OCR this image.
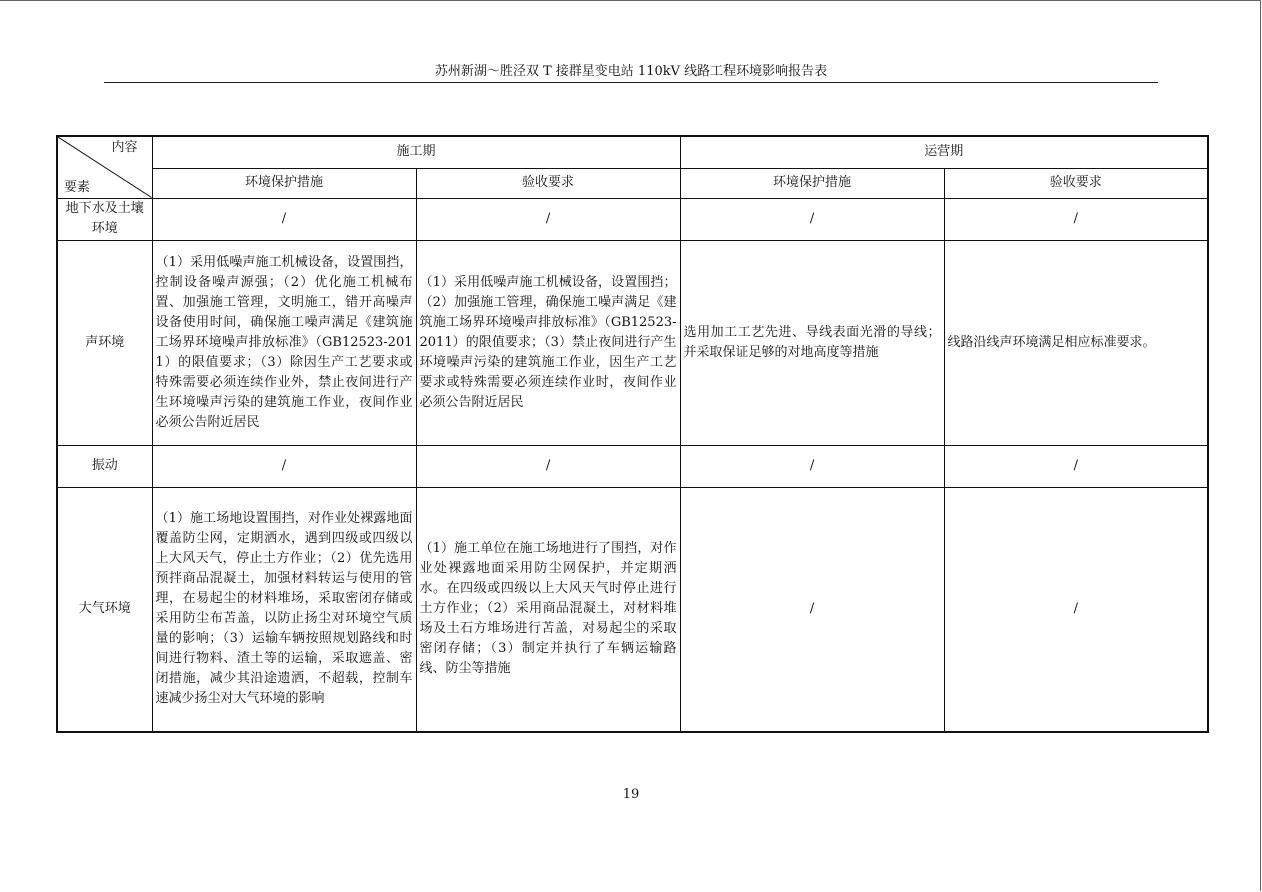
苏州新湖～胜泾双 T 接群星变电站 110kV 线路工程环境影响报告表
内容
要素	施工期		运营期	
	环境保护措施	验收要求	环境保护措施	验收要求
地下水及土壤环境	/	/	/	/
声环境	（1）采用低噪声施工机械设备，设置围挡，控制设备噪声源强；（2）优化施工机械布置、加强施工管理，文明施工，错开高噪声设备使用时间，确保施工噪声满足《建筑施工场界环境噪声排放标准》（GB12523-2011）的限值要求；（3）除因生产工艺要求或特殊需要必须连续作业外，禁止夜间进行产生环境噪声污染的建筑施工作业，夜间作业必须公告附近居民	（1）采用低噪声施工机械设备，设置围挡；（2）加强施工管理，确保施工噪声满足《建筑施工场界环境噪声排放标准》（GB12523-2011）的限值要求；（3）禁止夜间进行产生环境噪声污染的建筑施工作业，因生产工艺要求或特殊需要必须连续作业时，夜间作业必须公告附近居民	选用加工工艺先进、导线表面光滑的导线；并采取保证足够的对地高度等措施	线路沿线声环境满足相应标准要求。
振动	/	/	/	/
大气环境	（1）施工场地设置围挡，对作业处裸露地面覆盖防尘网，定期洒水，遇到四级或四级以上大风天气，停止土方作业；（2）优先选用预拌商品混凝土，加强材料转运与使用的管理，在易起尘的材料堆场，采取密闭存储或采用防尘布苫盖，以防止扬尘对环境空气质量的影响；（3）运输车辆按照规划路线和时间进行物料、渣土等的运输，采取遮盖、密闭措施，减少其沿途遗洒，不超载，控制车速减少扬尘对大气环境的影响	（1）施工单位在施工场地进行了围挡，对作业处裸露地面采用防尘网保护，并定期洒水。在四级或四级以上大风天气时停止进行土方作业；（2）采用商品混凝土，对材料堆场及土石方堆场进行苫盖，对易起尘的采取密闭存储；（3）制定并执行了车辆运输路线、防尘等措施	/	/
19
